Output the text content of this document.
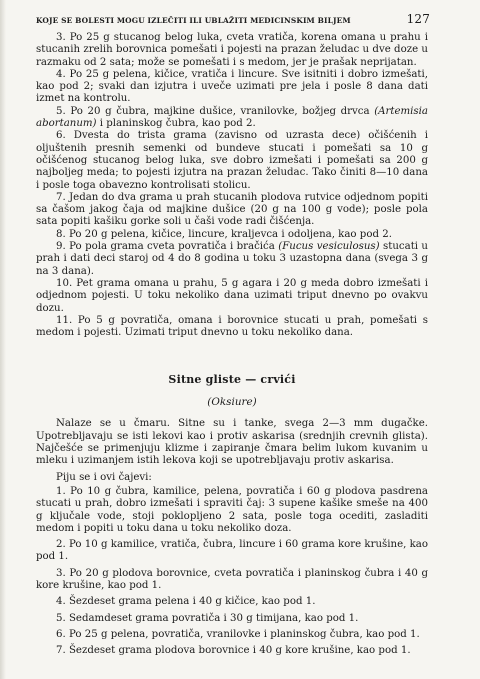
KOJE SE BOLESTI MOGU IZLEČITI ILI UBLAŽITI MEDICINSKIM BILJEM	127

3. Po 25 g stucanog belog luka, cveta vratiča, korena omana u prahu i stucanih zrelih borovnica pomešati i pojesti na prazan želudac u dve doze u razmaku od 2 sata; može se pomešati i s medom, jer je prašak neprijatan.

4. Po 25 g pelena, kičice, vratiča i lincure. Sve isitniti i dobro izmešati, kao pod 2; svaki dan izjutra i uveče uzimati pre jela i posle 8 dana dati izmet na kontrolu.

5. Po 20 g čubra, majkine dušice, vranilovke, božjeg drvca (Artemisia abortanum) i planinskog čubra, kao pod 2.

6. Dvesta do trista grama (zavisno od uzrasta dece) očišćenih i oljuštenih presnih semenki od bundeve stucati i pomešati sa 10 g očišćenog stucanog belog luka, sve dobro izmešati i pomešati sa 200 g najboljeg meda; to pojesti izjutra na prazan želudac. Tako činiti 8—10 dana i posle toga obavezno kontrolisati stolicu.

7. Jedan do dva grama u prah stucanih plodova rutvice odjednom popiti sa čašom jakog čaja od majkine dušice (20 g na 100 g vode); posle pola sata popiti kašiku gorke soli u čaši vode radi čišćenja.

8. Po 20 g pelena, kičice, lincure, kraljevca i odoljena, kao pod 2.

9. Po pola grama cveta povratiča i bračića (Fucus vesiculosus) stucati u prah i dati deci staroj od 4 do 8 godina u toku 3 uzastopna dana (svega 3 g na 3 dana).

10. Pet grama omana u prahu, 5 g agara i 20 g meda dobro izmešati i odjednom pojesti. U toku nekoliko dana uzimati triput dnevno po ovakvu dozu.

11. Po 5 g povratiča, omana i borovnice stucati u prah, pomešati s medom i pojesti. Uzimati triput dnevno u toku nekoliko dana.

Sitne gliste — crvići
(Oksiure)

Nalaze se u čmaru. Sitne su i tanke, svega 2—3 mm dugačke. Upotrebljavaju se isti lekovi kao i protiv askarisa (srednjih crevnih glista). Najčešće se primenjuju klizme i zapiranje čmara belim lukom kuvanim u mleku i uzimanjem istih lekova koji se upotrebljavaju protiv askarisa.

Piju se i ovi čajevi:

1. Po 10 g čubra, kamilice, pelena, povratiča i 60 g plodova pasdrena stucati u prah, dobro izmešati i spraviti čaj: 3 supene kašike smeše na 400 g ključale vode, stoji poklopljeno 2 sata, posle toga ocediti, zasladiti medom i popiti u toku dana u toku nekoliko doza.

2. Po 10 g kamilice, vratiča, čubra, lincure i 60 grama kore krušine, kao pod 1.

3. Po 20 g plodova borovnice, cveta povratiča i planinskog čubra i 40 g kore krušine, kao pod 1.

4. Šezdeset grama pelena i 40 g kičice, kao pod 1.

5. Sedamdeset grama povratiča i 30 g timijana, kao pod 1.

6. Po 25 g pelena, povratiča, vranilovke i planinskog čubra, kao pod 1.

7. Šezdeset grama plodova borovnice i 40 g kore krušine, kao pod 1.
